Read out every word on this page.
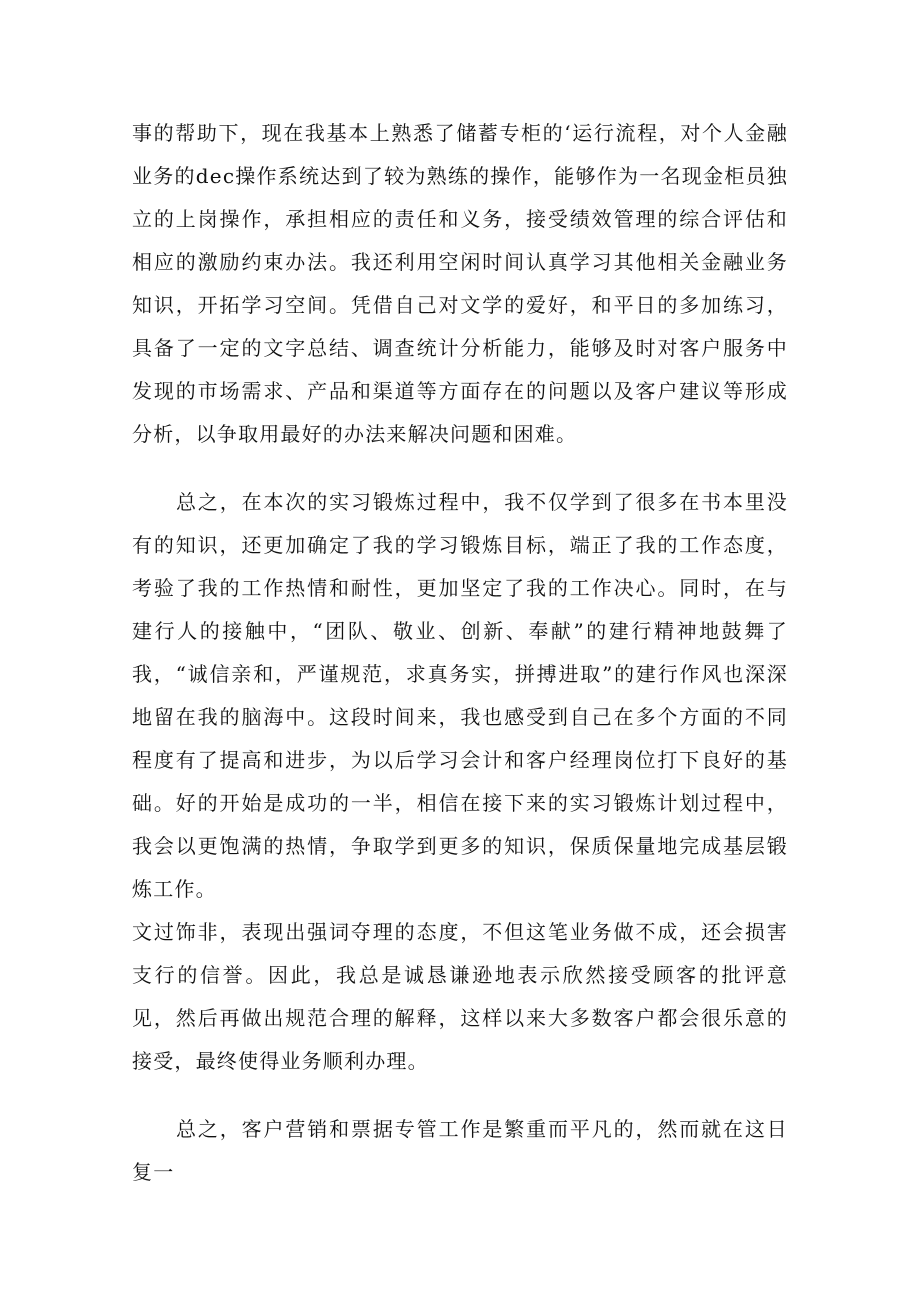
事的帮助下，现在我基本上熟悉了储蓄专柜的‘运行流程，对个人金融业务的dec操作系统达到了较为熟练的操作，能够作为一名现金柜员独立的上岗操作，承担相应的责任和义务，接受绩效管理的综合评估和相应的激励约束办法。我还利用空闲时间认真学习其他相关金融业务知识，开拓学习空间。凭借自己对文学的爱好，和平日的多加练习，具备了一定的文字总结、调查统计分析能力，能够及时对客户服务中发现的市场需求、产品和渠道等方面存在的问题以及客户建议等形成分析，以争取用最好的办法来解决问题和困难。

总之，在本次的实习锻炼过程中，我不仅学到了很多在书本里没有的知识，还更加确定了我的学习锻炼目标，端正了我的工作态度，考验了我的工作热情和耐性，更加坚定了我的工作决心。同时，在与建行人的接触中，“团队、敬业、创新、奉献”的建行精神地鼓舞了我，“诚信亲和，严谨规范，求真务实，拼搏进取”的建行作风也深深地留在我的脑海中。这段时间来，我也感受到自己在多个方面的不同程度有了提高和进步，为以后学习会计和客户经理岗位打下良好的基础。好的开始是成功的一半，相信在接下来的实习锻炼计划过程中，我会以更饱满的热情，争取学到更多的知识，保质保量地完成基层锻炼工作。

文过饰非，表现出强词夺理的态度，不但这笔业务做不成，还会损害支行的信誉。因此，我总是诚恳谦逊地表示欣然接受顾客的批评意见，然后再做出规范合理的解释，这样以来大多数客户都会很乐意的接受，最终使得业务顺利办理。

总之，客户营销和票据专管工作是繁重而平凡的，然而就在这日复一
